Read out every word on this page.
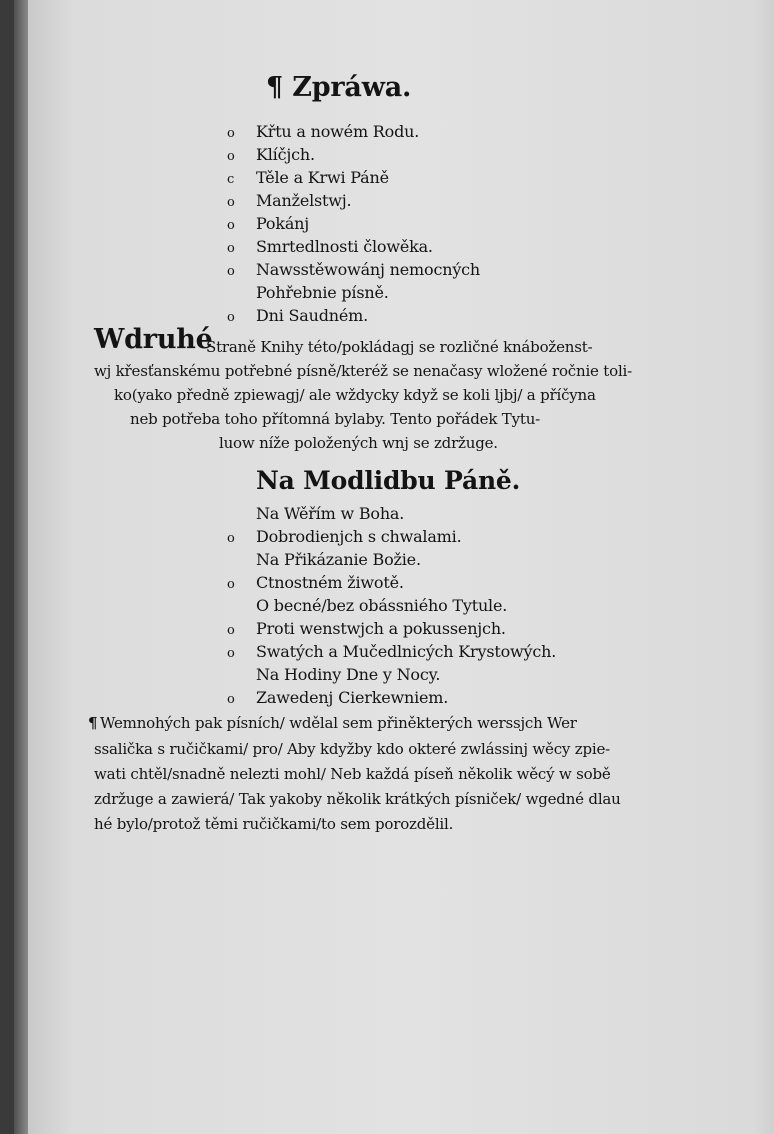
¶ Zpráwa.
o Křtu a nowém Rodu.
o Klíčjch.
c Těle a Krwi Páně
o Manželstwj.
o Pokánj
o Smrtedlnosti člowěka.
o Nawsstěwowánj nemocných
Pohřebnie písně.
o Dni Saudném.
Wdruhé
Straně Knihy této/pokládagj se rozličné knáboženst-
wj křesťanskému potřebné písně/kteréž se nenačasy wložené ročnie toli-
ko(yako předně zpiewagj/ ale wždycky když se koli ljbj/ a příčyna
neb potřeba toho přítomná bylaby. Tento pořádek Tytu-
luow níže položených wnj se zdržuge.
Na Modlidbu Páně.
Na Wěřím w Boha.
o Dobrodienjch s chwalami.
Na Přikázanie Božie.
o Ctnostném žiwotě.
O becné/bez obássniého Tytule.
o Proti wenstwjch a pokussenjch.
o Swatých a Mučedlnicých Krystowých.
Na Hodiny Dne y Nocy.
o Zawedenj Cierkewniem.
¶ Wemnohých pak písních/ wdělal sem přiněkterých werssjch Wer
ssalička s ručičkami/ pro/ Aby kdyžby kdo okteré zwlássinj wěcy zpie-
wati chtěl/snadně nelezti mohl/ Neb každá píseň několik wěcý w sobě
zdržuge a zawierá/ Tak yakoby několik krátkých písniček/ wgedné dlau
hé bylo/protož těmi ručičkami/to sem porozdělil.
